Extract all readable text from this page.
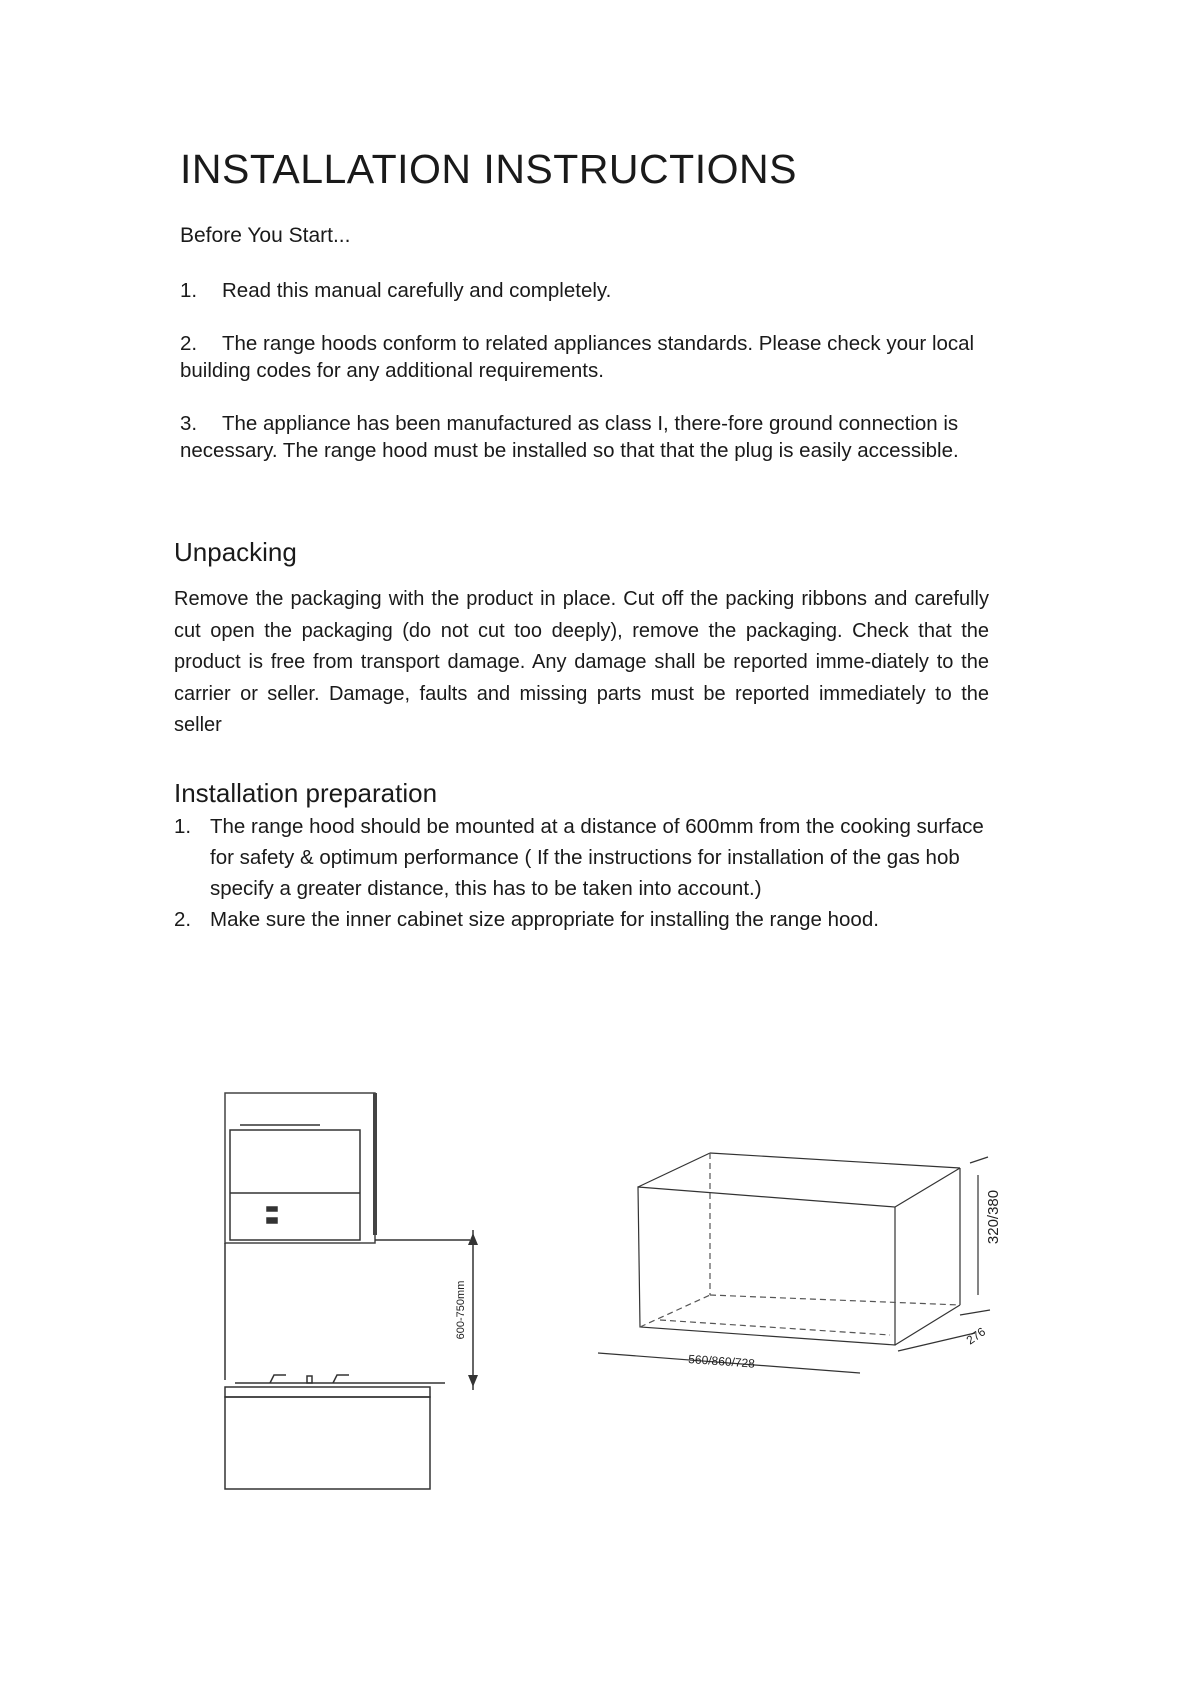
INSTALLATION INSTRUCTIONS
Before You Start...
1. Read this manual carefully and completely.
2. The range hoods conform to related appliances standards. Please check your local building codes for any additional requirements.
3. The appliance has been manufactured as class I, there-fore ground connection is necessary. The range hood must be installed so that that the plug is easily accessible.
Unpacking
Remove the packaging with the product in place. Cut off the packing ribbons and carefully cut open the packaging (do not cut too deeply), remove the packaging. Check that the product is free from transport damage. Any damage shall be reported imme-diately to the carrier or seller. Damage, faults and missing parts must be reported immediately to the seller
Installation preparation
1. The range hood should be mounted at a distance of 600mm from the cooking surface for safety & optimum performance ( If the instructions for installation of the gas hob specify a greater distance, this has to be taken into account.)
2. Make sure the inner cabinet size appropriate for installing the range hood.
600-750mm
320/380
560/860/728
276
